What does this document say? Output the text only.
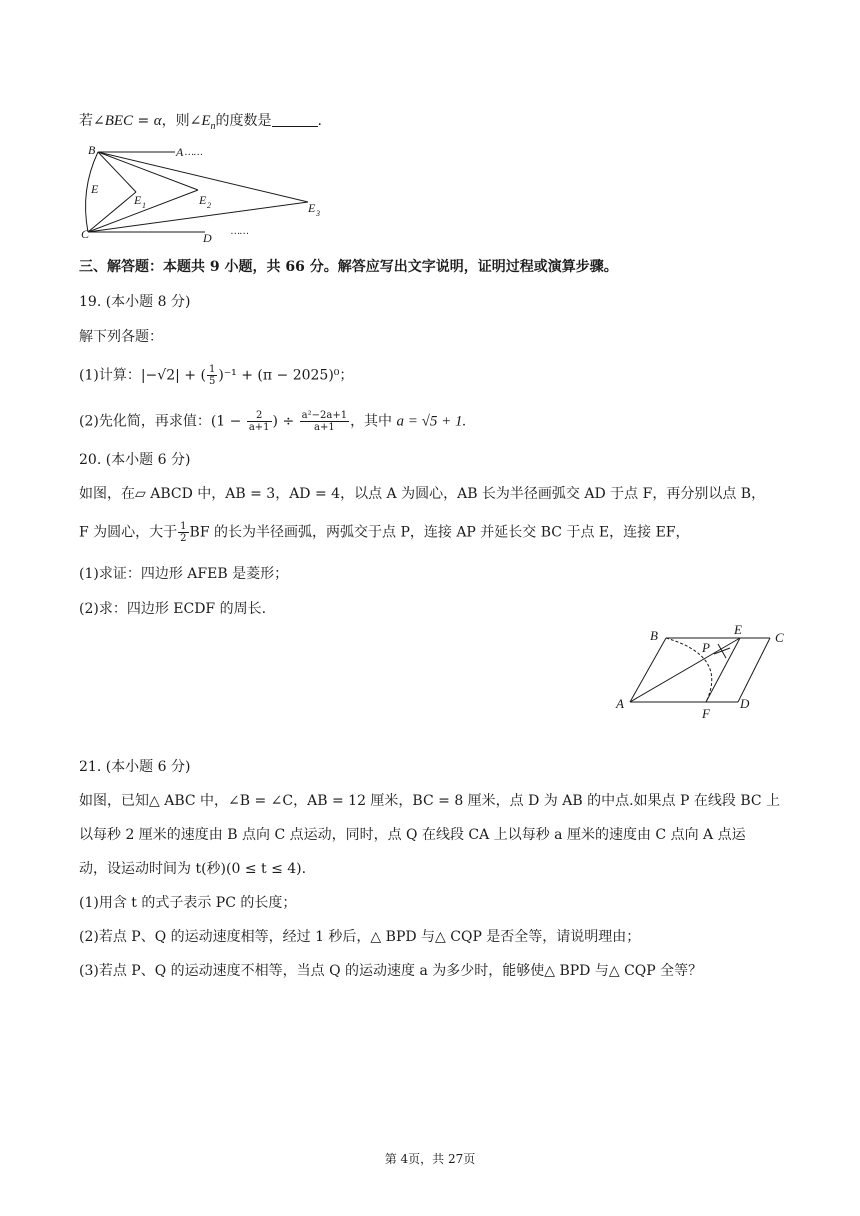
若∠BEC = α，则$\angle E_n$的度数是	.
B	A ……
E
E 1	E 2	E 3
C	D ……
三、解答题：本题共 9 小题，共 66 分。解答应写出文字说明，证明过程或演算步骤。
19. (本小题 8 分)
解下列各题：
(1)计算：|−√2| + ( $\frac{1}{5} )^{-1} + (\pi - 2025)^0$；
(2)先化简，再求值：($1 - \frac{2}{a+1}$ ) ÷ $\frac{\text{a²−2a+1}}{a+1}$ ，其中 a = √5 + 1.
20. (本小题 6 分)
如图，在▱ ABCD 中，AB = 3，AD = 4，以点 A 为圆心，AB 长为半径画弧交 AD 于点 F，再分别以点 B，
F 为圆心，大于 $\frac{1}{2}$ BF 的长为半径画弧，两弧交于点 P，连接 AP 并延长交 BC 于点 E，连接 EF，
(1)求证：四边形 AFEB 是菱形；
(2)求：四边形 ECDF 的周长.
B	E
C
P
A
F
D
21. (本小题 6 分)
如图，已知△ ABC 中，∠B = ∠C，AB = 12 厘米，BC = 8 厘米，点 D 为 AB 的中点.如果点 P 在线段 BC 上
以每秒 2 厘米的速度由 B 点向 C 点运动，同时，点 Q 在线段 CA 上以每秒 a 厘米的速度由 C 点向 A 点运
动，设运动时间为 t(秒)(0 ≤ t ≤ 4).
(1)用含 t 的式子表示 PC 的长度；
(2)若点 P、Q 的运动速度相等，经过 1 秒后，△ BPD 与△ CQP 是否全等，请说明理由；
(3)若点 P、Q 的运动速度不相等，当点 Q 的运动速度 a 为多少时，能够使△ BPD 与△ CQP 全等？
第 4页，共 27页
